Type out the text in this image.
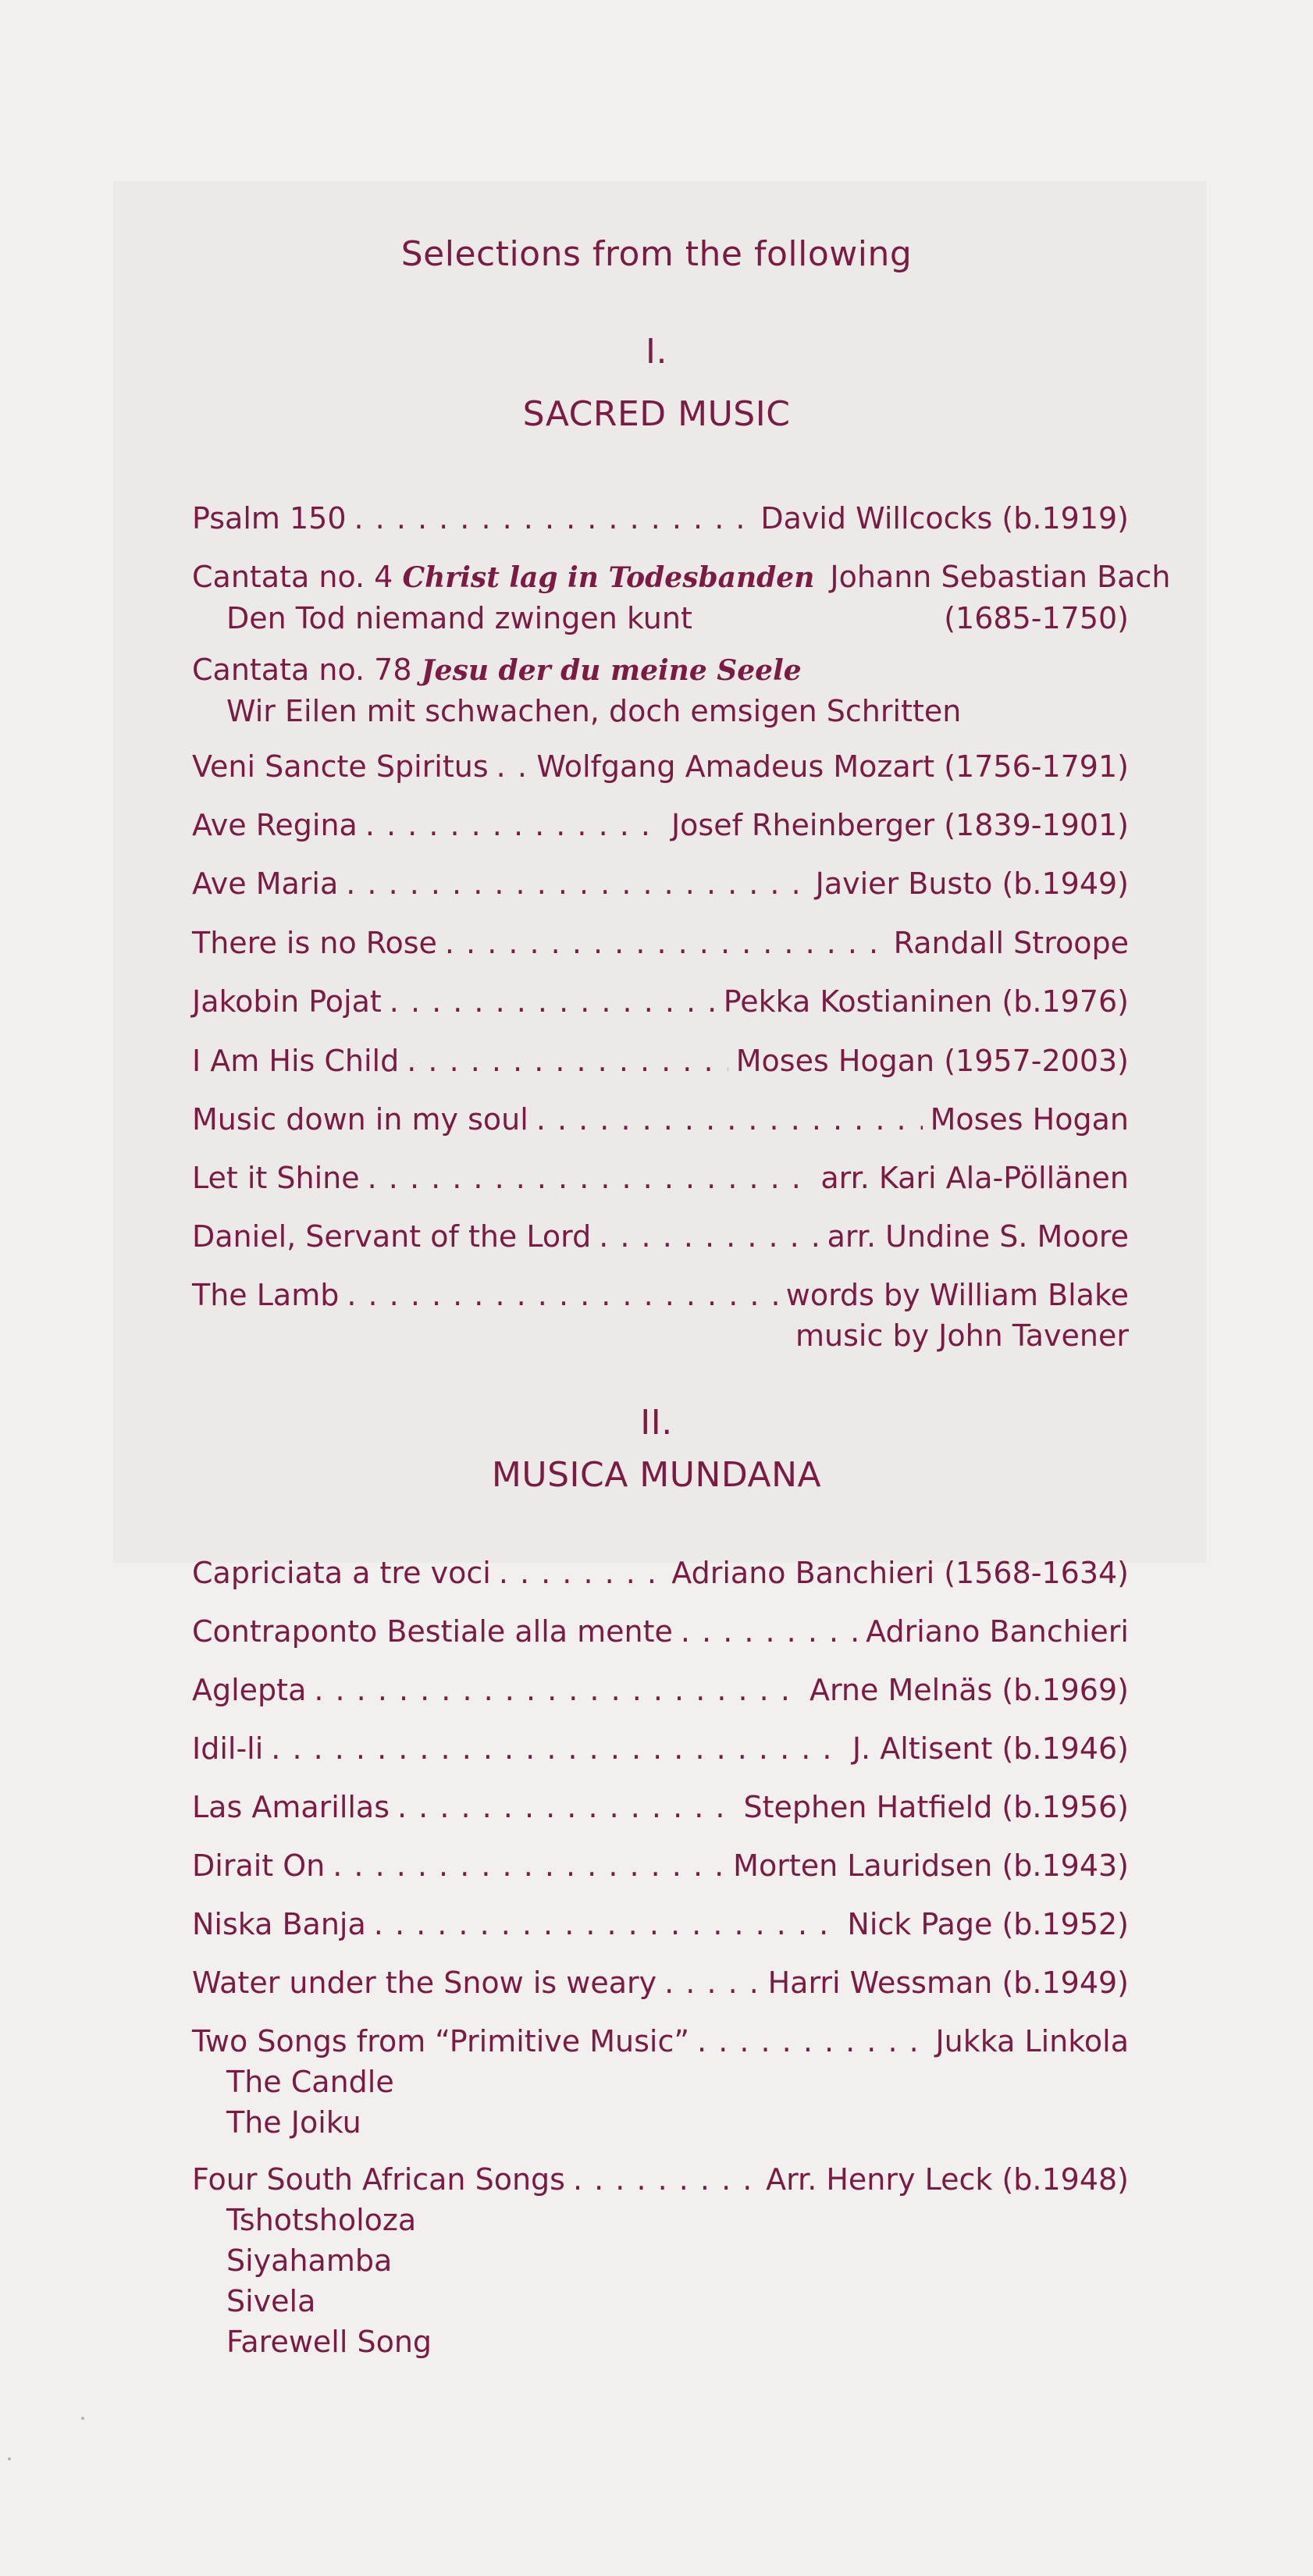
Selections from the following
I.
SACRED MUSIC
Psalm 150 . . .	David Willcocks (b.1919)
Cantata no. 4 Christ lag in Todesbanden Johann Sebastian Bach
Den Tod niemand zwingen kunt	(1685-1750)
Cantata no. 78 Jesu der du meine Seele
Wir Eilen mit schwachen, doch emsigen Schritten
Veni Sancte Spiritus . . . Wolfgang Amadeus Mozart (1756-1791)
Ave Regina . . .	Josef Rheinberger (1839-1901)
Ave Maria . . .	Javier Busto (b.1949)
There is no Rose . . .	Randall Stroope
Jakobin Pojat . . .	Pekka Kostianinen (b.1976)
I Am His Child . . .	Moses Hogan (1957-2003)
Music down in my soul . . .	Moses Hogan
Let it Shine . . .	arr. Kari Ala-Pöllänen
Daniel, Servant of the Lord . . .	arr. Undine S. Moore
The Lamb . . .	words by William Blake
music by John Tavener
II.
MUSICA MUNDANA
Capriciata a tre voci . . .	Adriano Banchieri (1568-1634)
Contraponto Bestiale alla mente . . .	Adriano Banchieri
Aglepta . . .	Arne Melnäs (b.1969)
Idil-li . . .	J. Altisent (b.1946)
Las Amarillas . . .	Stephen Hatfield (b.1956)
Dirait On . . .	Morten Lauridsen (b.1943)
Niska Banja . . .	Nick Page (b.1952)
Water under the Snow is weary . . .	Harri Wessman (b.1949)
Two Songs from “Primitive Music” . . .	Jukka Linkola
The Candle
The Joiku
Four South African Songs . . .	Arr. Henry Leck (b.1948)
Tshotsholoza
Siyahamba
Sivela
Farewell Song
